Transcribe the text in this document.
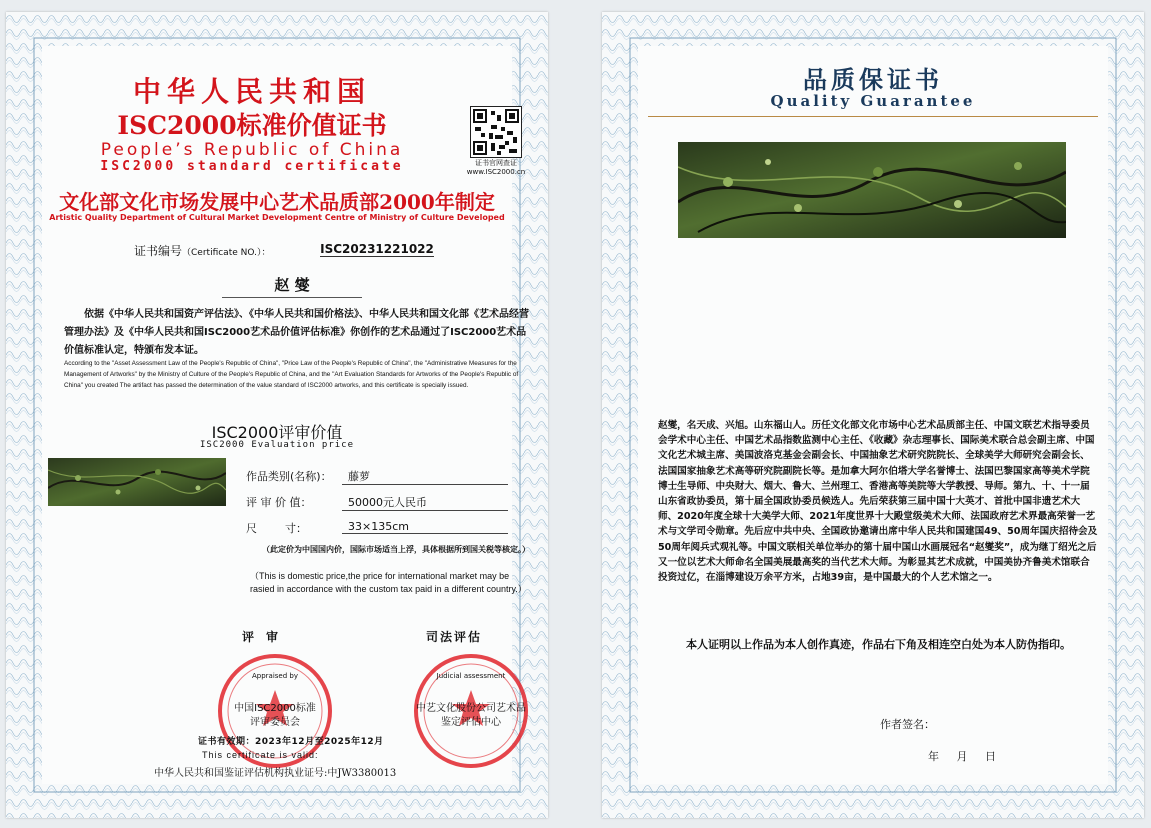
中华人民共和国
ISC2000标准价值证书
People’s Republic of China
ISC2000 standard certificate	证书官网查证
www.ISC2000.cn
文化部文化市场发展中心艺术品质部2000年制定
Artistic Quality Department of Cultural Market Development Centre of Ministry of Culture Developed
证书编号（Certificate NO.）：	ISC20231221022
赵 燮
依据《中华人民共和国资产评估法》、《中华人民共和国价格法》、中华人民共和国文化部《艺术品经营管理办法》及《中华人民共和国ISC2000艺术品价值评估标准》你创作的艺术品通过了ISC2000艺术品价值标准认定，特颁布发本证。
According to the "Asset Assessment Law of the People's Republic of China", "Price Law of the People's Republic of China", the "Administrative Measures for the Management of Artworks" by the Ministry of Culture of the People's Republic of China, and the "Art Evaluation Standards for Artworks of the People's Republic of China" you created The artifact has passed the determination of the value standard of ISC2000 artworks, and this certificate is specially issued.
ISC2000评审价值
ISC2000 Evaluation price
作品类别(名称)：	藤萝
评 审 价 值：	50000元人民币
尺        寸：	33×135cm
（此定价为中国国内价，国际市场适当上浮，具体根据所到国关税等核定。）
（This is domestic price,the price for international market may be rasied in accordance with the custom tax paid in a different country.）
评审	司法评估
Appraised by
中国ISC2000标准
评审委员会
Judicial assessment
中艺文化股份公司艺术品
鉴定评估中心
证书有效期：2023年12月至2025年12月
This certificate is valid:
中华人民共和国鉴证评估机构执业证号:中JW3380013
品质保证书
Quality Guarantee
赵燮，名天成、兴旭。山东福山人。历任文化部文化市场中心艺术品质部主任、中国文联艺术指导委员会学术中心主任、中国艺术品指数监测中心主任、《收藏》杂志理事长、国际美术联合总会副主席、中国文化艺术城主席、美国波洛克基金会副会长、中国抽象艺术研究院院长、全球美学大师研究会副会长、法国国家抽象艺术高等研究院副院长等。是加拿大阿尔伯塔大学名誉博士、法国巴黎国家高等美术学院博士生导师、中央财大、烟大、鲁大、兰州理工、香港高等美院等大学教授、导师。第九、十、十一届山东省政协委员，第十届全国政协委员候选人。先后荣获第三届中国十大英才、首批中国非遗艺术大师、2020年度全球十大美学大师、2021年度世界十大殿堂级美术大师、法国政府艺术界最高荣誉一艺术与文学司令勋章。先后应中共中央、全国政协邀请出席中华人民共和国建国49、50周年国庆招待会及50周年阅兵式观礼等。中国文联相关单位举办的第十届中国山水画展冠名“赵燮奖”，成为继丁绍光之后又一位以艺术大师命名全国美展最高奖的当代艺术大师。为彰显其艺术成就，中国美协齐鲁美术馆联合投资过亿，在淄博建设万余平方米，占地39亩，是中国最大的个人艺术馆之一。
本人证明以上作品为本人创作真迹，作品右下角及相连空白处为本人防伪指印。
作者签名：
年 月 日
